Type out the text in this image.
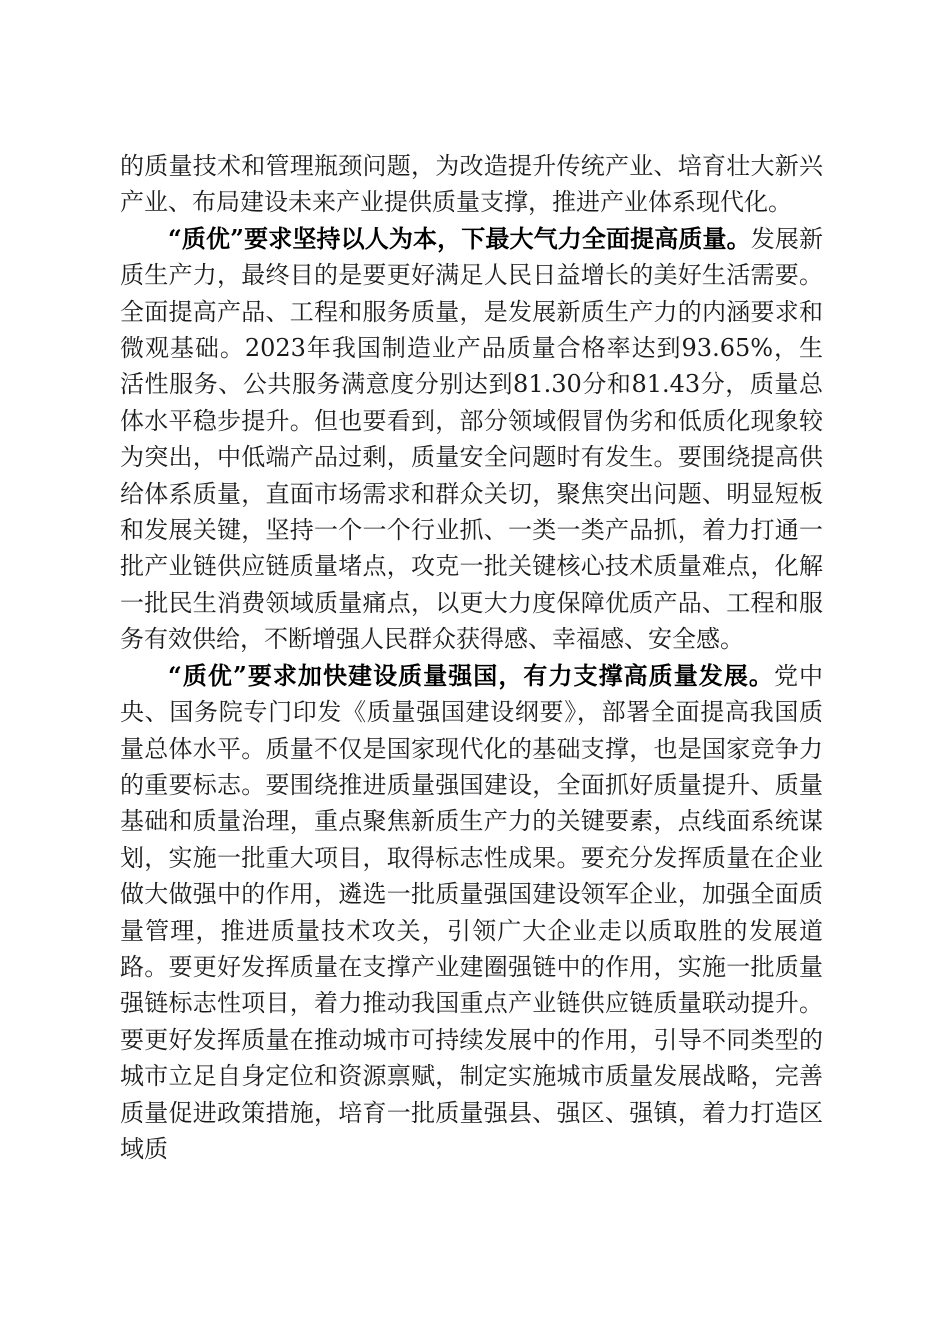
的质量技术和管理瓶颈问题，为改造提升传统产业、培育壮大新兴产业、布局建设未来产业提供质量支撑，推进产业体系现代化。

“质优”要求坚持以人为本，下最大气力全面提高质量。发展新质生产力，最终目的是要更好满足人民日益增长的美好生活需要。全面提高产品、工程和服务质量，是发展新质生产力的内涵要求和微观基础。2023年我国制造业产品质量合格率达到93.65%，生活性服务、公共服务满意度分别达到81.30分和81.43分，质量总体水平稳步提升。但也要看到，部分领域假冒伪劣和低质化现象较为突出，中低端产品过剩，质量安全问题时有发生。要围绕提高供给体系质量，直面市场需求和群众关切，聚焦突出问题、明显短板和发展关键，坚持一个一个行业抓、一类一类产品抓，着力打通一批产业链供应链质量堵点，攻克一批关键核心技术质量难点，化解一批民生消费领域质量痛点，以更大力度保障优质产品、工程和服务有效供给，不断增强人民群众获得感、幸福感、安全感。

“质优”要求加快建设质量强国，有力支撑高质量发展。党中央、国务院专门印发《质量强国建设纲要》，部署全面提高我国质量总体水平。质量不仅是国家现代化的基础支撑，也是国家竞争力的重要标志。要围绕推进质量强国建设，全面抓好质量提升、质量基础和质量治理，重点聚焦新质生产力的关键要素，点线面系统谋划，实施一批重大项目，取得标志性成果。要充分发挥质量在企业做大做强中的作用，遴选一批质量强国建设领军企业，加强全面质量管理，推进质量技术攻关，引领广大企业走以质取胜的发展道路。要更好发挥质量在支撑产业建圈强链中的作用，实施一批质量强链标志性项目，着力推动我国重点产业链供应链质量联动提升。要更好发挥质量在推动城市可持续发展中的作用，引导不同类型的城市立足自身定位和资源禀赋，制定实施城市质量发展战略，完善质量促进政策措施，培育一批质量强县、强区、强镇，着力打造区域质
